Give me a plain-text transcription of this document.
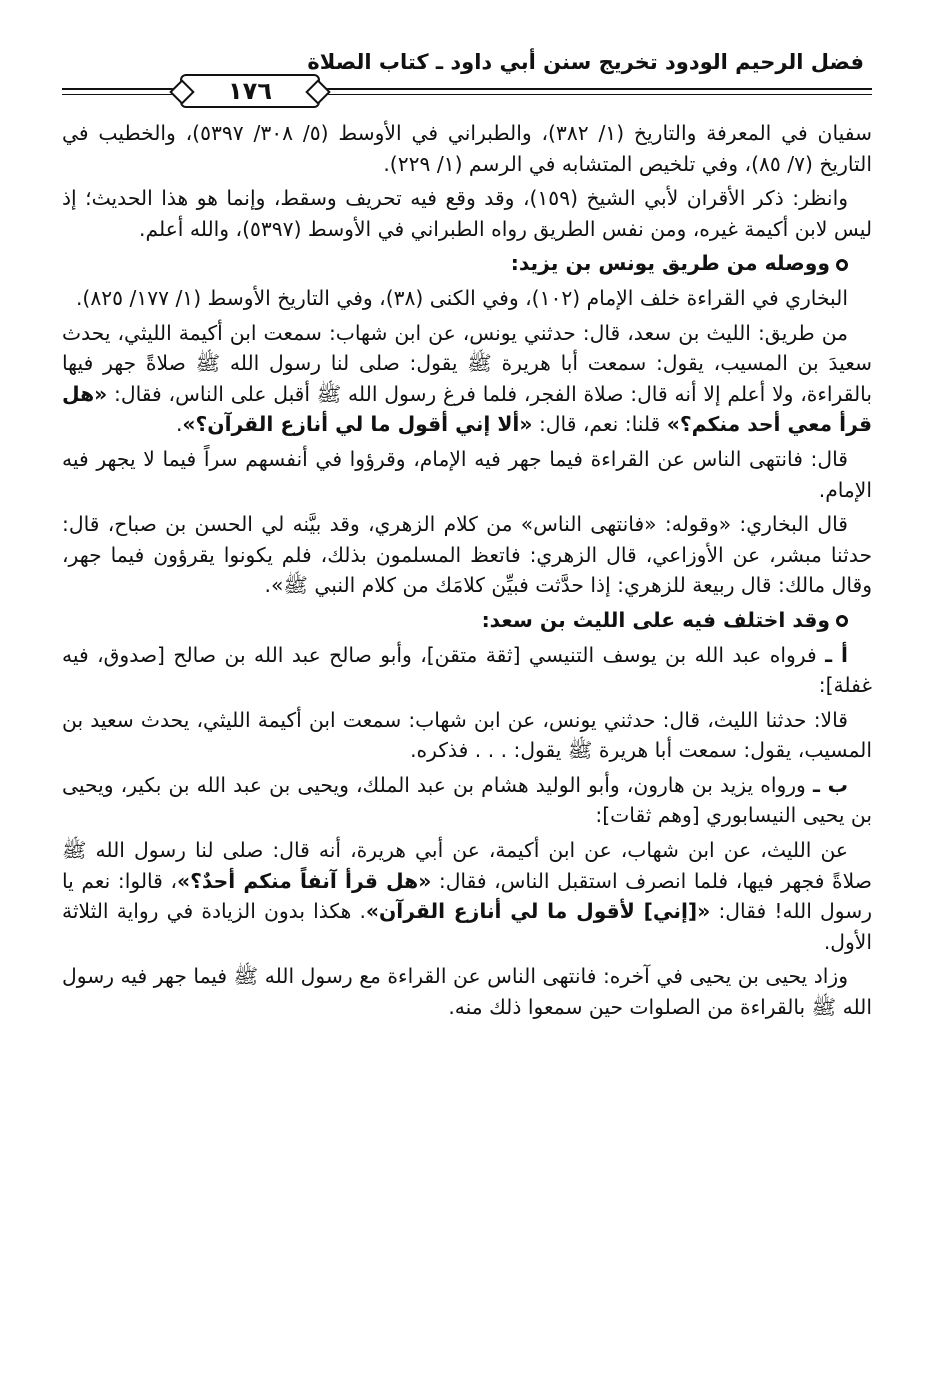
فضل الرحيم الودود تخريج سنن أبي داود ـ كتاب الصلاة
١٧٦

سفيان في المعرفة والتاريخ (١/ ٣٨٢)، والطبراني في الأوسط (٥/ ٣٠٨/ ٥٣٩٧)، والخطيب في التاريخ (٧/ ٨٥)، وفي تلخيص المتشابه في الرسم (١/ ٢٢٩).

وانظر: ذكر الأقران لأبي الشيخ (١٥٩)، وقد وقع فيه تحريف وسقط، وإنما هو هذا الحديث؛ إذ ليس لابن أكيمة غيره، ومن نفس الطريق رواه الطبراني في الأوسط (٥٣٩٧)، والله أعلم.

ووصله من طريق يونس بن يزيد:

البخاري في القراءة خلف الإمام (١٠٢)، وفي الكنى (٣٨)، وفي التاريخ الأوسط (١/ ١٧٧/ ٨٢٥).

من طريق: الليث بن سعد، قال: حدثني يونس، عن ابن شهاب: سمعت ابن أكيمة الليثي، يحدث سعيدَ بن المسيب، يقول: سمعت أبا هريرة ﷺ يقول: صلى لنا رسول الله ﷺ صلاةً جهر فيها بالقراءة، ولا أعلم إلا أنه قال: صلاة الفجر، فلما فرغ رسول الله ﷺ أقبل على الناس، فقال: «هل قرأ معي أحد منكم؟» قلنا: نعم، قال: «ألا إني أقول ما لي أنازع القرآن؟».

قال: فانتهى الناس عن القراءة فيما جهر فيه الإمام، وقرؤوا في أنفسهم سراً فيما لا يجهر فيه الإمام.

قال البخاري: «وقوله: «فانتهى الناس» من كلام الزهري، وقد بيَّنه لي الحسن بن صباح، قال: حدثنا مبشر، عن الأوزاعي، قال الزهري: فاتعظ المسلمون بذلك، فلم يكونوا يقرؤون فيما جهر، وقال مالك: قال ربيعة للزهري: إذا حدَّثت فبيِّن كلامَك من كلام النبي ﷺ».

وقد اختلف فيه على الليث بن سعد:

أ ـ فرواه عبد الله بن يوسف التنيسي [ثقة متقن]، وأبو صالح عبد الله بن صالح [صدوق، فيه غفلة]:

قالا: حدثنا الليث، قال: حدثني يونس، عن ابن شهاب: سمعت ابن أكيمة الليثي، يحدث سعيد بن المسيب، يقول: سمعت أبا هريرة ﷺ يقول: . . . فذكره.

ب ـ ورواه يزيد بن هارون، وأبو الوليد هشام بن عبد الملك، ويحيى بن عبد الله بن بكير، ويحيى بن يحيى النيسابوري [وهم ثقات]:

عن الليث، عن ابن شهاب، عن ابن أكيمة، عن أبي هريرة، أنه قال: صلى لنا رسول الله ﷺ صلاةً فجهر فيها، فلما انصرف استقبل الناس، فقال: «هل قرأ آنفاً منكم أحدٌ؟»، قالوا: نعم يا رسول الله! فقال: «[إني] لأقول ما لي أنازع القرآن». هكذا بدون الزيادة في رواية الثلاثة الأول.

وزاد يحيى بن يحيى في آخره: فانتهى الناس عن القراءة مع رسول الله ﷺ فيما جهر فيه رسول الله ﷺ بالقراءة من الصلوات حين سمعوا ذلك منه.
